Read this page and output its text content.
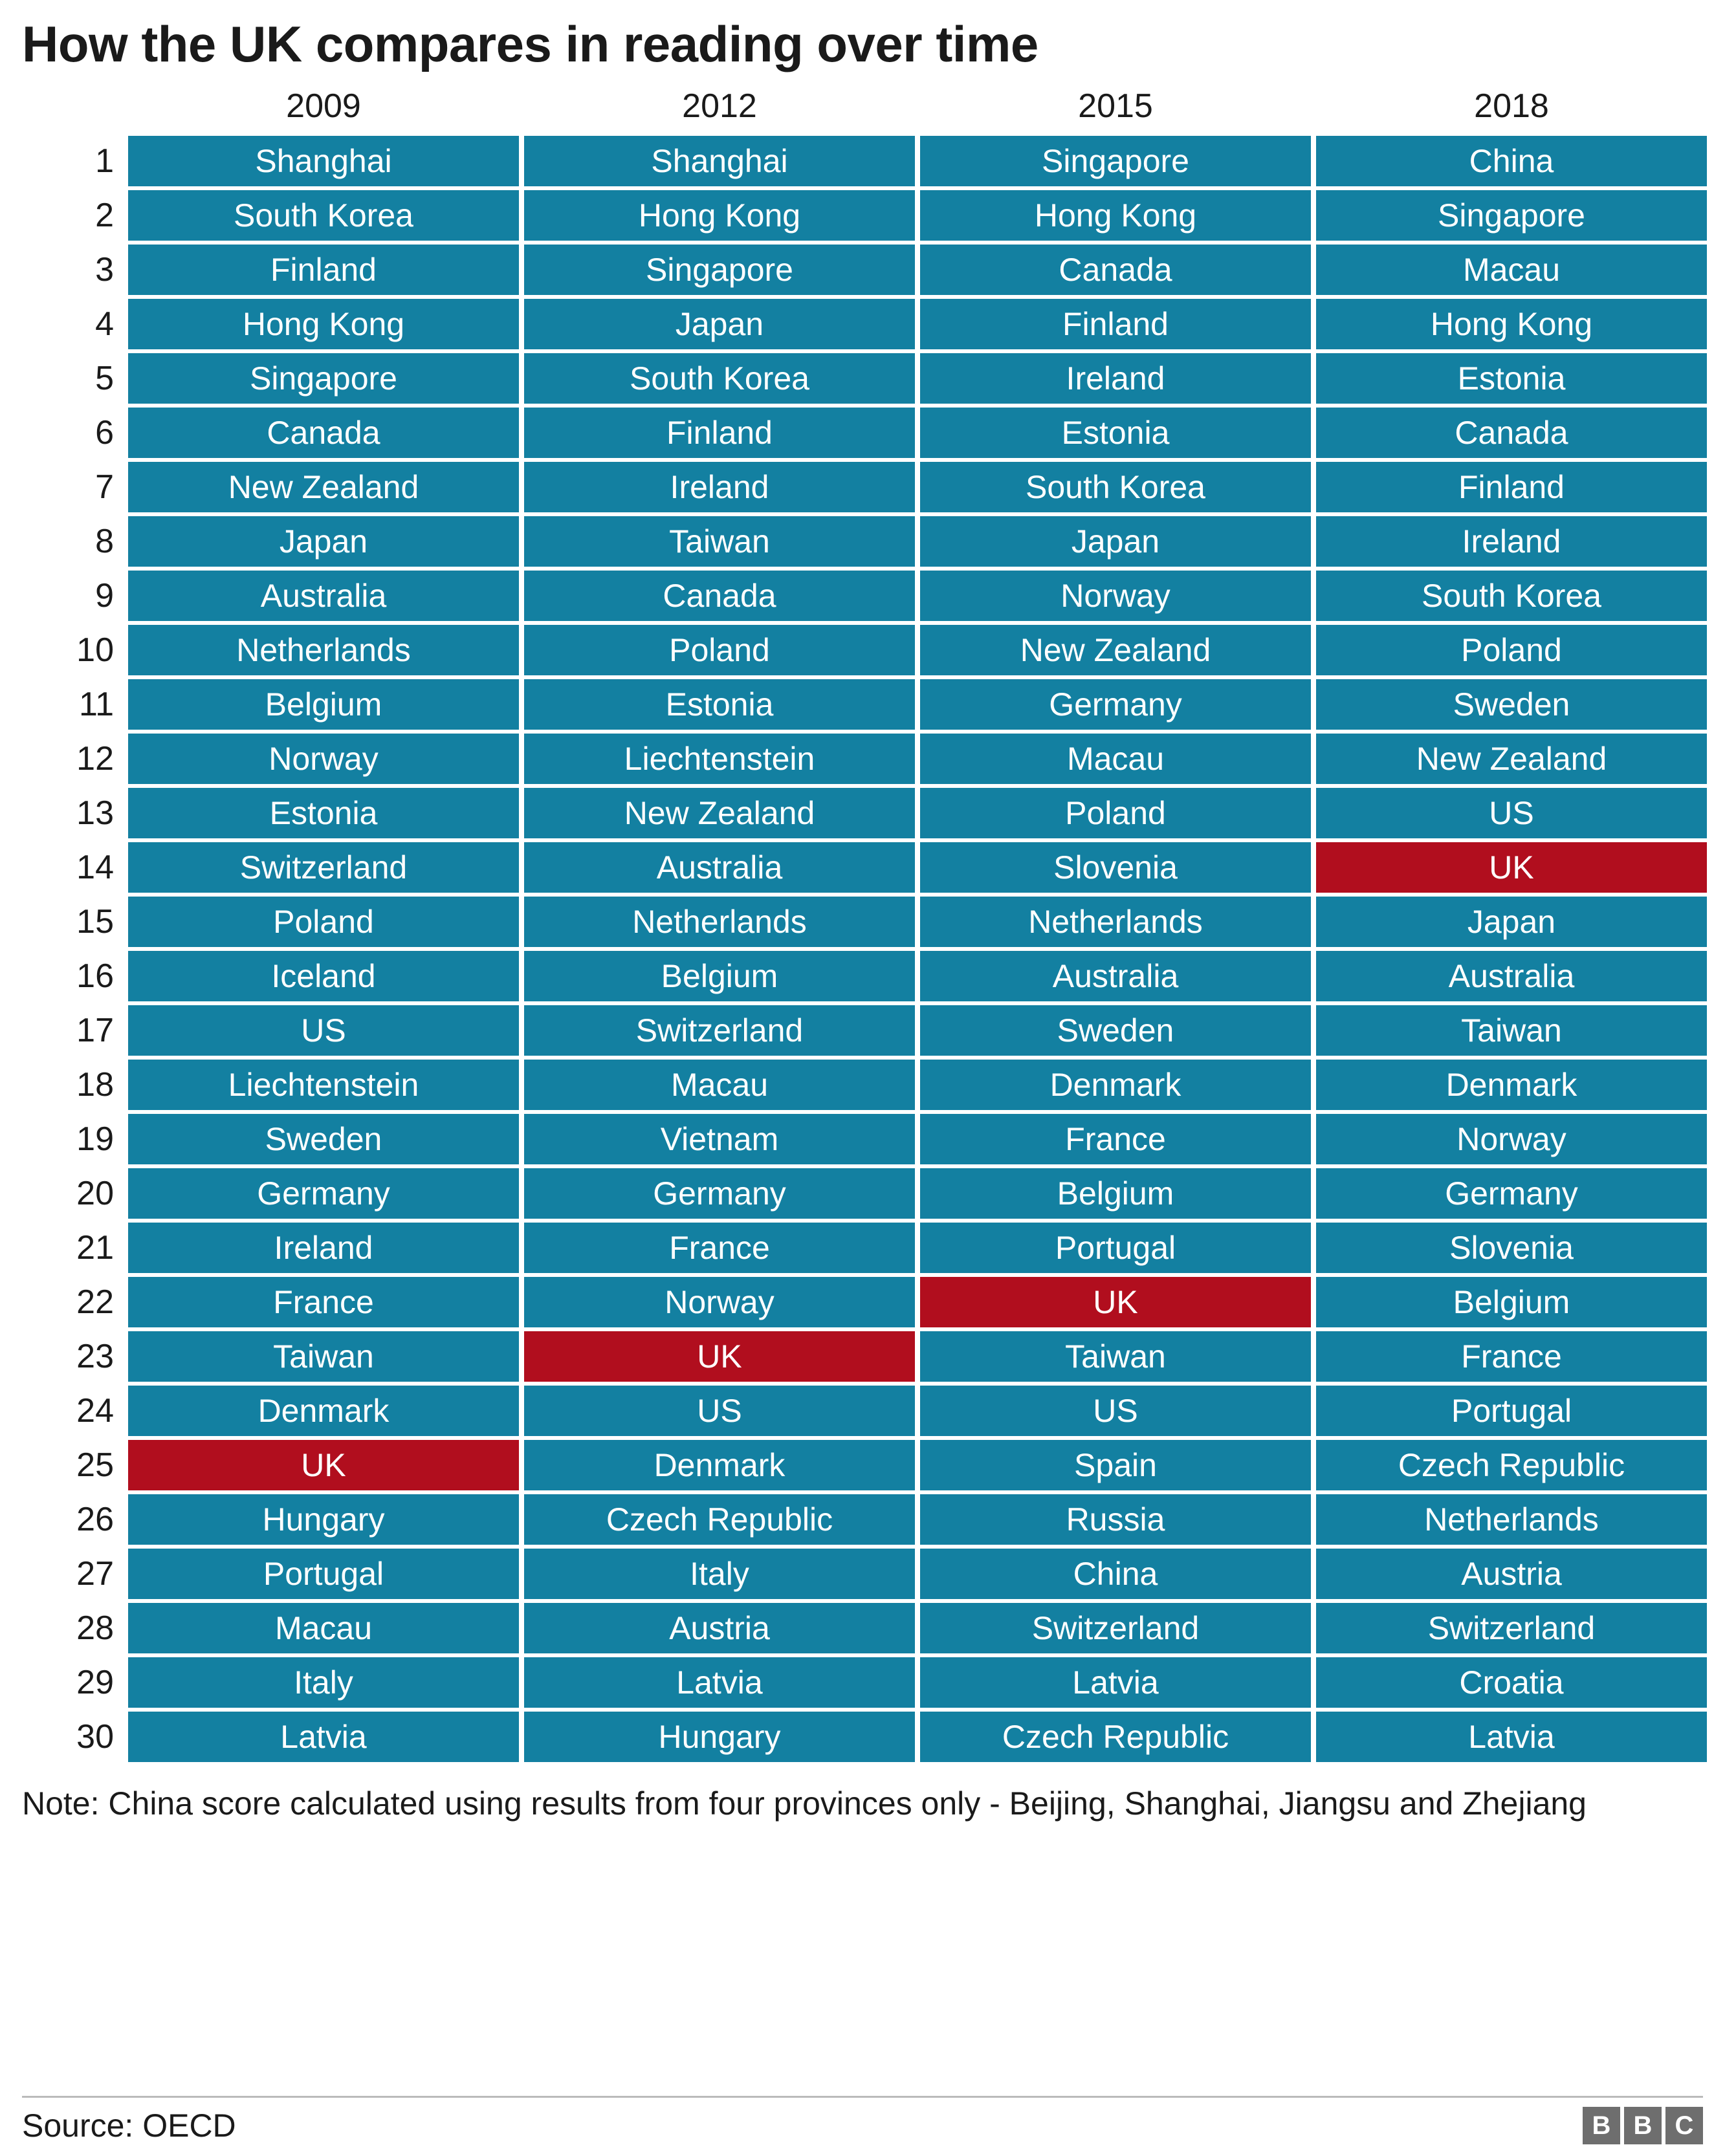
How the UK compares in reading over time
	2009	2012	2015	2018
1	Shanghai	Shanghai	Singapore	China
2	South Korea	Hong Kong	Hong Kong	Singapore
3	Finland	Singapore	Canada	Macau
4	Hong Kong	Japan	Finland	Hong Kong
5	Singapore	South Korea	Ireland	Estonia
6	Canada	Finland	Estonia	Canada
7	New Zealand	Ireland	South Korea	Finland
8	Japan	Taiwan	Japan	Ireland
9	Australia	Canada	Norway	South Korea
10	Netherlands	Poland	New Zealand	Poland
11	Belgium	Estonia	Germany	Sweden
12	Norway	Liechtenstein	Macau	New Zealand
13	Estonia	New Zealand	Poland	US
14	Switzerland	Australia	Slovenia	UK
15	Poland	Netherlands	Netherlands	Japan
16	Iceland	Belgium	Australia	Australia
17	US	Switzerland	Sweden	Taiwan
18	Liechtenstein	Macau	Denmark	Denmark
19	Sweden	Vietnam	France	Norway
20	Germany	Germany	Belgium	Germany
21	Ireland	France	Portugal	Slovenia
22	France	Norway	UK	Belgium
23	Taiwan	UK	Taiwan	France
24	Denmark	US	US	Portugal
25	UK	Denmark	Spain	Czech Republic
26	Hungary	Czech Republic	Russia	Netherlands
27	Portugal	Italy	China	Austria
28	Macau	Austria	Switzerland	Switzerland
29	Italy	Latvia	Latvia	Croatia
30	Latvia	Hungary	Czech Republic	Latvia
Note: China score calculated using results from four provinces only - Beijing, Shanghai, Jiangsu and Zhejiang
Source: OECD	B B C
